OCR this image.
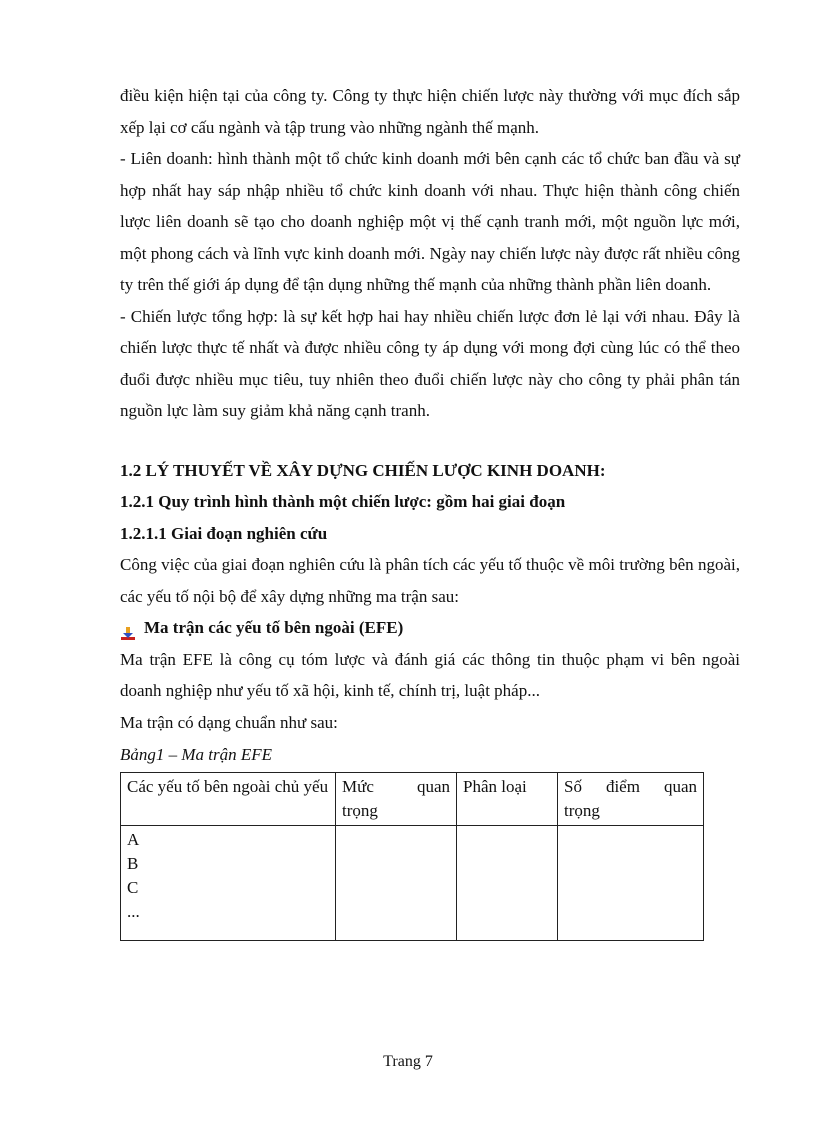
điều kiện hiện tại của công ty. Công ty thực hiện chiến lược này thường với mục đích sắp xếp lại cơ cấu ngành và tập trung vào những ngành thế mạnh.

- Liên doanh: hình thành một tổ chức kinh doanh mới bên cạnh các tổ chức ban đầu và sự hợp nhất hay sáp nhập nhiều tổ chức kinh doanh với nhau. Thực hiện thành công chiến lược liên doanh sẽ tạo cho doanh nghiệp một vị thế cạnh tranh mới, một nguồn lực mới, một phong cách và lĩnh vực kinh doanh mới. Ngày nay chiến lược này được rất nhiều công ty trên thế giới áp dụng để tận dụng những thế mạnh của những thành phần liên doanh.

- Chiến lược tổng hợp: là sự kết hợp hai hay nhiều chiến lược đơn lẻ lại với nhau. Đây là chiến lược thực tế nhất và được nhiều công ty áp dụng với mong đợi cùng lúc có thể theo đuổi được nhiều mục tiêu, tuy nhiên theo đuổi chiến lược này cho công ty phải phân tán nguồn lực làm suy giảm khả năng cạnh tranh.

1.2 LÝ THUYẾT VỀ XÂY DỰNG CHIẾN LƯỢC KINH DOANH:
1.2.1 Quy trình hình thành một chiến lược: gồm hai giai đoạn
1.2.1.1 Giai đoạn nghiên cứu

Công việc của giai đoạn nghiên cứu là phân tích các yếu tố thuộc về môi trường bên ngoài, các yếu tố nội bộ để xây dựng những ma trận sau:

Ma trận các yếu tố bên ngoài (EFE)

Ma trận EFE là công cụ tóm lược và đánh giá các thông tin thuộc phạm vi bên ngoài doanh nghiệp như yếu tố xã hội, kinh tế, chính trị, luật pháp...

Ma trận có dạng chuẩn như sau:

Bảng1 – Ma trận EFE
Các yếu tố bên ngoài chủ yếu	Mức quan trọng	Phân loại	Số điểm quan trọng

A
B
C
...			

Trang 7
